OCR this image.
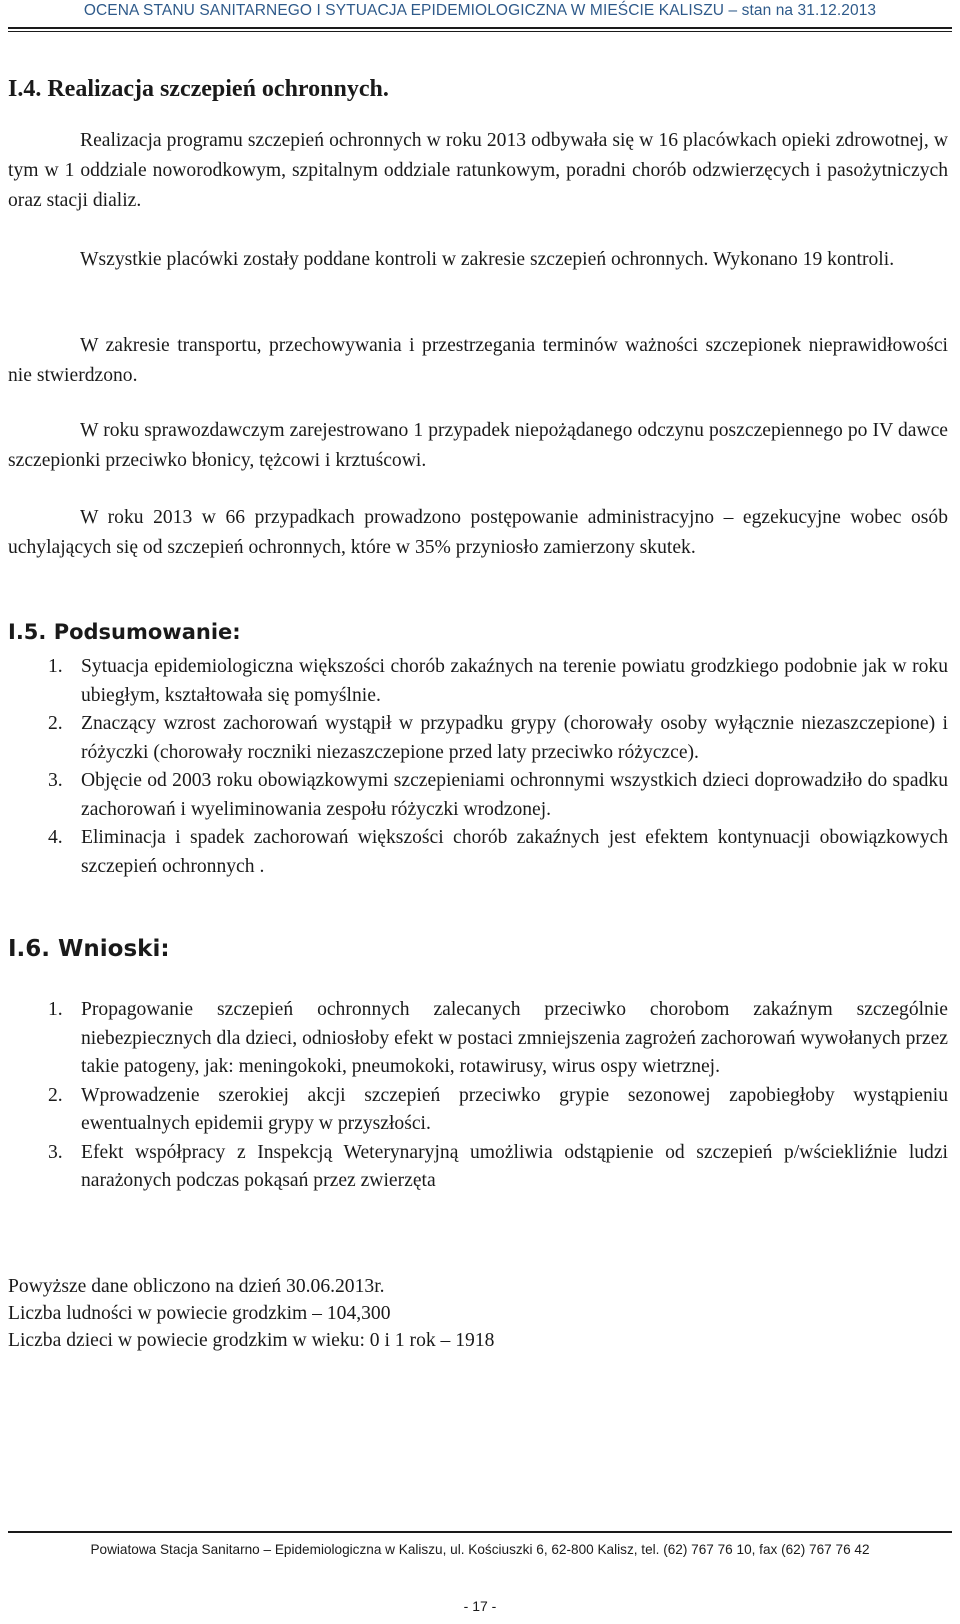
OCENA STANU SANITARNEGO I SYTUACJA EPIDEMIOLOGICZNA W MIEŚCIE KALISZU – stan na 31.12.2013
I.4. Realizacja szczepień ochronnych.
Realizacja programu szczepień ochronnych w roku 2013 odbywała się w 16 placówkach opieki zdrowotnej, w tym w 1 oddziale noworodkowym, szpitalnym oddziale ratunkowym, poradni chorób odzwierzęcych i pasożytniczych oraz stacji dializ.
Wszystkie placówki zostały poddane kontroli w zakresie szczepień ochronnych. Wykonano 19 kontroli.
W zakresie transportu, przechowywania i przestrzegania terminów ważności szczepionek nieprawidłowości nie stwierdzono.
W roku sprawozdawczym zarejestrowano 1 przypadek niepożądanego odczynu poszczepiennego po IV dawce szczepionki przeciwko błonicy, tężcowi i krztuścowi.
W roku 2013 w 66 przypadkach prowadzono postępowanie administracyjno – egzekucyjne wobec osób uchylających się od szczepień ochronnych, które w 35% przyniosło zamierzony skutek.
I.5. Podsumowanie:
1. Sytuacja epidemiologiczna większości chorób zakaźnych na terenie powiatu grodzkiego podobnie jak w roku ubiegłym, kształtowała się pomyślnie.
2. Znaczący wzrost zachorowań wystąpił w przypadku grypy (chorowały osoby wyłącznie niezaszczepione) i różyczki (chorowały roczniki niezaszczepione przed laty przeciwko różyczce).
3. Objęcie od 2003 roku obowiązkowymi szczepieniami ochronnymi wszystkich dzieci doprowadziło do spadku zachorowań i wyeliminowania zespołu różyczki wrodzonej.
4. Eliminacja i spadek zachorowań większości chorób zakaźnych jest efektem kontynuacji obowiązkowych szczepień ochronnych .
I.6. Wnioski:
1. Propagowanie szczepień ochronnych zalecanych przeciwko chorobom zakaźnym szczególnie niebezpiecznych dla dzieci, odniosłoby efekt w postaci zmniejszenia zagrożeń zachorowań wywołanych przez takie patogeny, jak: meningokoki, pneumokoki, rotawirusy, wirus ospy wietrznej.
2. Wprowadzenie szerokiej akcji szczepień przeciwko grypie sezonowej zapobiegłoby wystąpieniu ewentualnych epidemii grypy w przyszłości.
3. Efekt współpracy z Inspekcją Weterynaryjną umożliwia odstąpienie od szczepień p/wściekliźnie ludzi narażonych podczas pokąsań przez zwierzęta
Powyższe dane obliczono na dzień 30.06.2013r.
Liczba ludności w powiecie grodzkim – 104,300
Liczba dzieci w powiecie grodzkim w wieku: 0 i 1 rok – 1918
Powiatowa Stacja Sanitarno – Epidemiologiczna w Kaliszu, ul. Kościuszki 6, 62-800 Kalisz, tel. (62) 767 76 10, fax (62) 767 76 42
- 17 -
